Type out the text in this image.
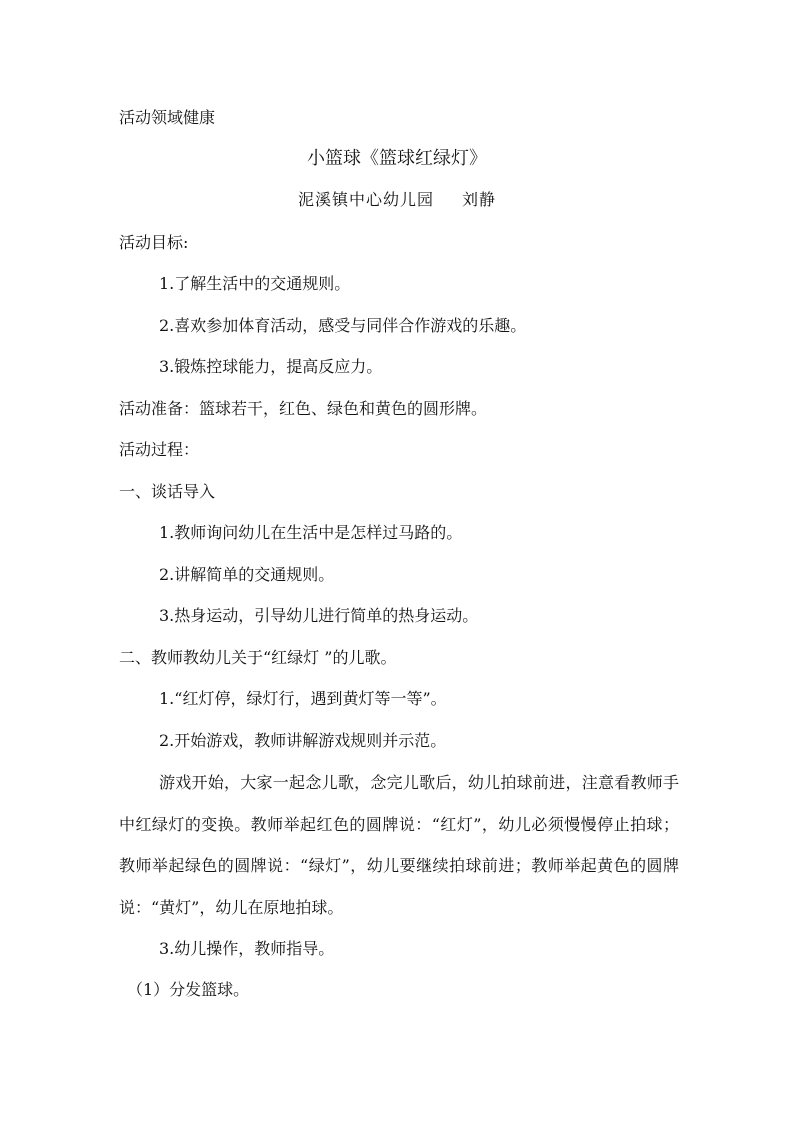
活动领域健康
小篮球《篮球红绿灯》
泥溪镇中心幼儿园 刘静
活动目标:
1.了解生活中的交通规则。
2.喜欢参加体育活动，感受与同伴合作游戏的乐趣。
3.锻炼控球能力，提高反应力。
活动准备：篮球若干，红色、绿色和黄色的圆形牌。
活动过程：
一、谈话导入
1.教师询问幼儿在生活中是怎样过马路的。
2.讲解简单的交通规则。
3.热身运动，引导幼儿进行简单的热身运动。
二、教师教幼儿关于“红绿灯 ”的儿歌。
1.“红灯停，绿灯行，遇到黄灯等一等”。
2.开始游戏，教师讲解游戏规则并示范。

游戏开始，大家一起念儿歌，念完儿歌后，幼儿拍球前进，注意看教师手中红绿灯的变换。教师举起红色的圆牌说：“红灯”，幼儿必须慢慢停止拍球；教师举起绿色的圆牌说：“绿灯”，幼儿要继续拍球前进；教师举起黄色的圆牌说：“黄灯”，幼儿在原地拍球。

3.幼儿操作，教师指导。
（1）分发篮球。
